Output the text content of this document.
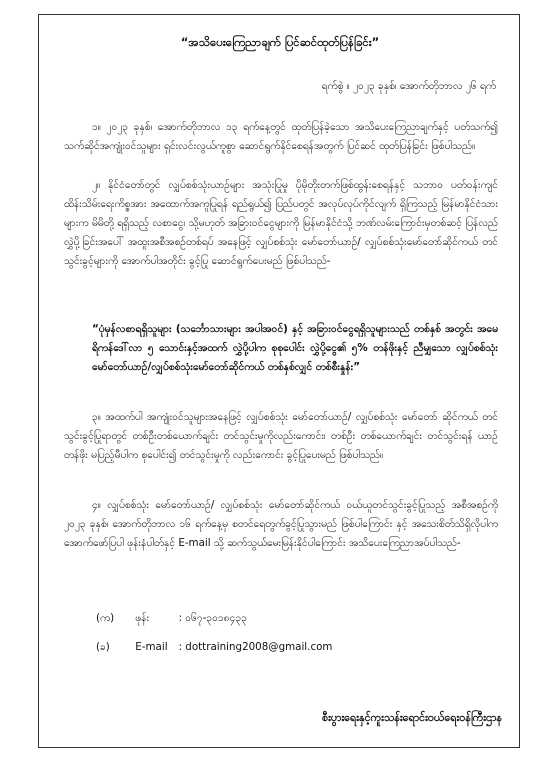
“အသိပေးကြေညာချက် ပြင်ဆင်ထုတ်ပြန်ခြင်း”
ရက်စွဲ ။ ၂၀၂၃ ခုနှစ်၊ အောက်တိုဘာလ ၂၆ ရက်
၁။ ၂၀၂၃ ခုနှစ်၊ အောက်တိုဘာလ ၁၃ ရက်နေ့တွင် ထုတ်ပြန်ခဲ့သော အသိပေးကြေညာချက်နှင့် ပတ်သက်၍ သက်ဆိုင်အကျုံးဝင်သူများ ရှင်းလင်းလွယ်ကူစွာ ဆောင်ရွက်နိုင်စေရန်အတွက် ပြင်ဆင် ထုတ်ပြန်ခြင်း ဖြစ်ပါသည်။
၂။ နိုင်ငံတော်တွင် လျှပ်စစ်သုံးယာဉ်များ အသုံးပြုမှု ပိုမိုတိုးတက်ဖြစ်ထွန်းစေရန်နှင့် သဘာဝ ပတ်ဝန်းကျင်ထိန်းသိမ်းရေးကိစ္စအား အထောက်အကူပြုရန် ရည်ရွယ်၍ ပြည်ပတွင် အလုပ်လုပ်ကိုင်လျက် ရှိကြသည့် မြန်မာနိုင်ငံသားများက မိမိတို့ ရရှိသည့် လစာငွေ၊ သို့မဟုတ် အခြားဝင်ငွေများကို မြန်မာနိုင်ငံသို့ ဘဏ်လမ်းကြောင်းမှတစ်ဆင့် ပြန်လည်လွှဲပို့ခြင်းအပေါ် အထူးအစီအစဉ်တစ်ရပ် အနေဖြင့် လျှပ်စစ်သုံး မော်တော်ယာဉ်/ လျှပ်စစ်သုံးမော်တော်ဆိုင်ကယ် တင်သွင်းခွင့်များကို အောက်ပါအတိုင်း ခွင့်ပြု ဆောင်ရွက်ပေးမည် ဖြစ်ပါသည်-
“ပုံမှန်လစာရရှိသူများ (သင်္ဘောသားများ အပါအဝင်) နှင့် အခြားဝင်ငွေရရှိသူများသည် တစ်နှစ် အတွင်း အမေရိကန်ဒေါ်လာ ၅ သောင်းနှင့်အထက် လွှဲပို့ပါက စုစုပေါင်း လွှဲပို့ငွေ၏ ၅% တန်ဖိုးနှင့် ညီမျှသော လျှပ်စစ်သုံး မော်တော်ယာဉ်/လျှပ်စစ်သုံးမော်တော်ဆိုင်ကယ် တစ်နှစ်လျှင် တစ်စီးနှုန်း”
၃။ အထက်ပါ အကျုံးဝင်သူများအနေဖြင့် လျှပ်စစ်သုံး မော်တော်ယာဉ်/ လျှပ်စစ်သုံး မော်တော် ဆိုင်ကယ် တင်သွင်းခွင့်ပြုရာတွင် တစ်ဦးတစ်ယောက်ချင်း တင်သွင်းမှုကိုလည်းကောင်း၊ တစ်ဦး တစ်ယောက်ချင်း တင်သွင်းရန် ယာဉ်တန်ဖိုး မပြည့်မီပါက စုပေါင်း၍ တင်သွင်းမှုကို လည်းကောင်း ခွင့်ပြုပေးမည် ဖြစ်ပါသည်။
၄။ လျှပ်စစ်သုံး မော်တော်ယာဉ်/ လျှပ်စစ်သုံး မော်တော်ဆိုင်ကယ် ဝယ်ယူတင်သွင်းခွင့်ပြုသည့် အစီအစဉ်ကို ၂၀၂၃ ခုနှစ်၊ အောက်တိုဘာလ ၁၆ ရက်နေ့မှ စတင်ရေတွက်ခွင့်ပြုသွားမည် ဖြစ်ပါကြောင်း နှင့် အသေးစိတ်သိရှိလိုပါက အောက်ဖော်ပြပါ ဖုန်းနံပါတ်နှင့် E-mail သို့ ဆက်သွယ်မေးမြန်းနိုင်ပါကြောင်း အသိပေးကြေညာအပ်ပါသည်-
(က) ဖုန်း	: ၀၆၇-၃၀၁၈၄၃၃
(ခ) E-mail : dottraining2008@gmail.com
စီးပွားရေးနှင့်ကူးသန်းရောင်းဝယ်ရေးဝန်ကြီးဌာန
